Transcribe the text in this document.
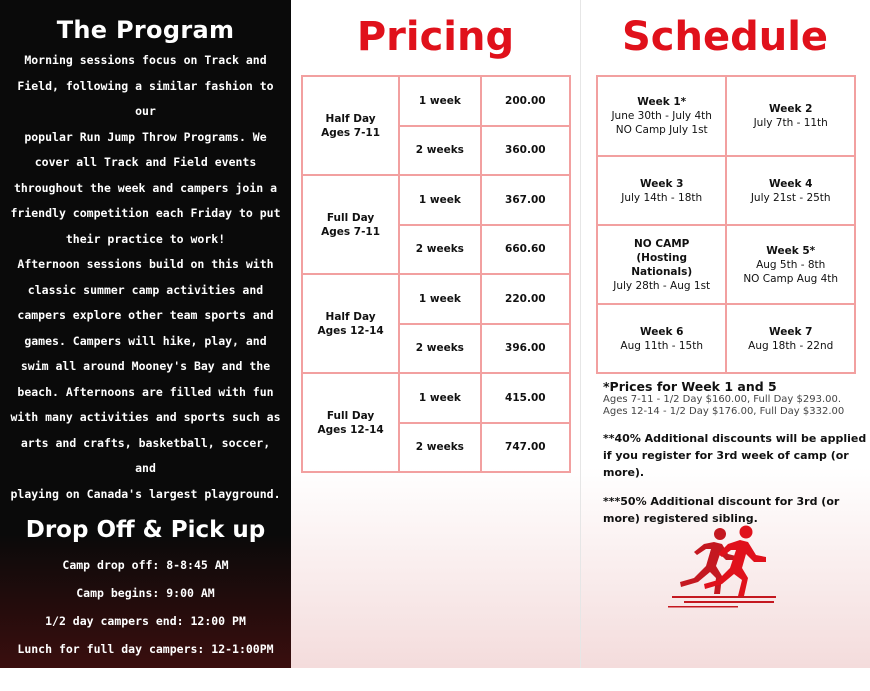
The Program
Morning sessions focus on Track and
Field, following a similar fashion to our
popular Run Jump Throw Programs. We
cover all Track and Field events
throughout the week and campers join a
friendly competition each Friday to put
their practice to work!
Afternoon sessions build on this with
classic summer camp activities and
campers explore other team sports and
games. Campers will hike, play, and
swim all around Mooney's Bay and the
beach. Afternoons are filled with fun
with many activities and sports such as
arts and crafts, basketball, soccer, and
playing on Canada's largest playground.
Drop Off & Pick up
Camp drop off: 8-8:45 AM
Camp begins: 9:00 AM
1/2 day campers end: 12:00 PM
Lunch for full day campers: 12-1:00PM
Full day campers end: 4:00 PM
Pricing
Half Day
Ages 7-11	1 week	200.00
	2 weeks	360.00
Full Day
Ages 7-11	1 week	367.00
	2 weeks	660.60
Half Day
Ages 12-14	1 week	220.00
	2 weeks	396.00
Full Day
Ages 12-14	1 week	415.00
	2 weeks	747.00
Schedule
Week 1*
June 30th - July 4th
NO Camp July 1st	Week 2
July 7th - 11th

Week 3
July 14th - 18th	Week 4
July 21st - 25th

NO CAMP (Hosting Nationals)
July 28th - Aug 1st	Week 5*
Aug 5th - 8th
NO Camp Aug 4th

Week 6
Aug 11th - 15th	Week 7
Aug 18th - 22nd
*Prices for Week 1 and 5
Ages 7-11 - 1/2 Day $160.00, Full Day $293.00.
Ages 12-14 - 1/2 Day $176.00, Full Day $332.00
**40% Additional discounts will be applied if you register for 3rd week of camp (or more).
***50% Additional discount for 3rd (or more) registered sibling.
